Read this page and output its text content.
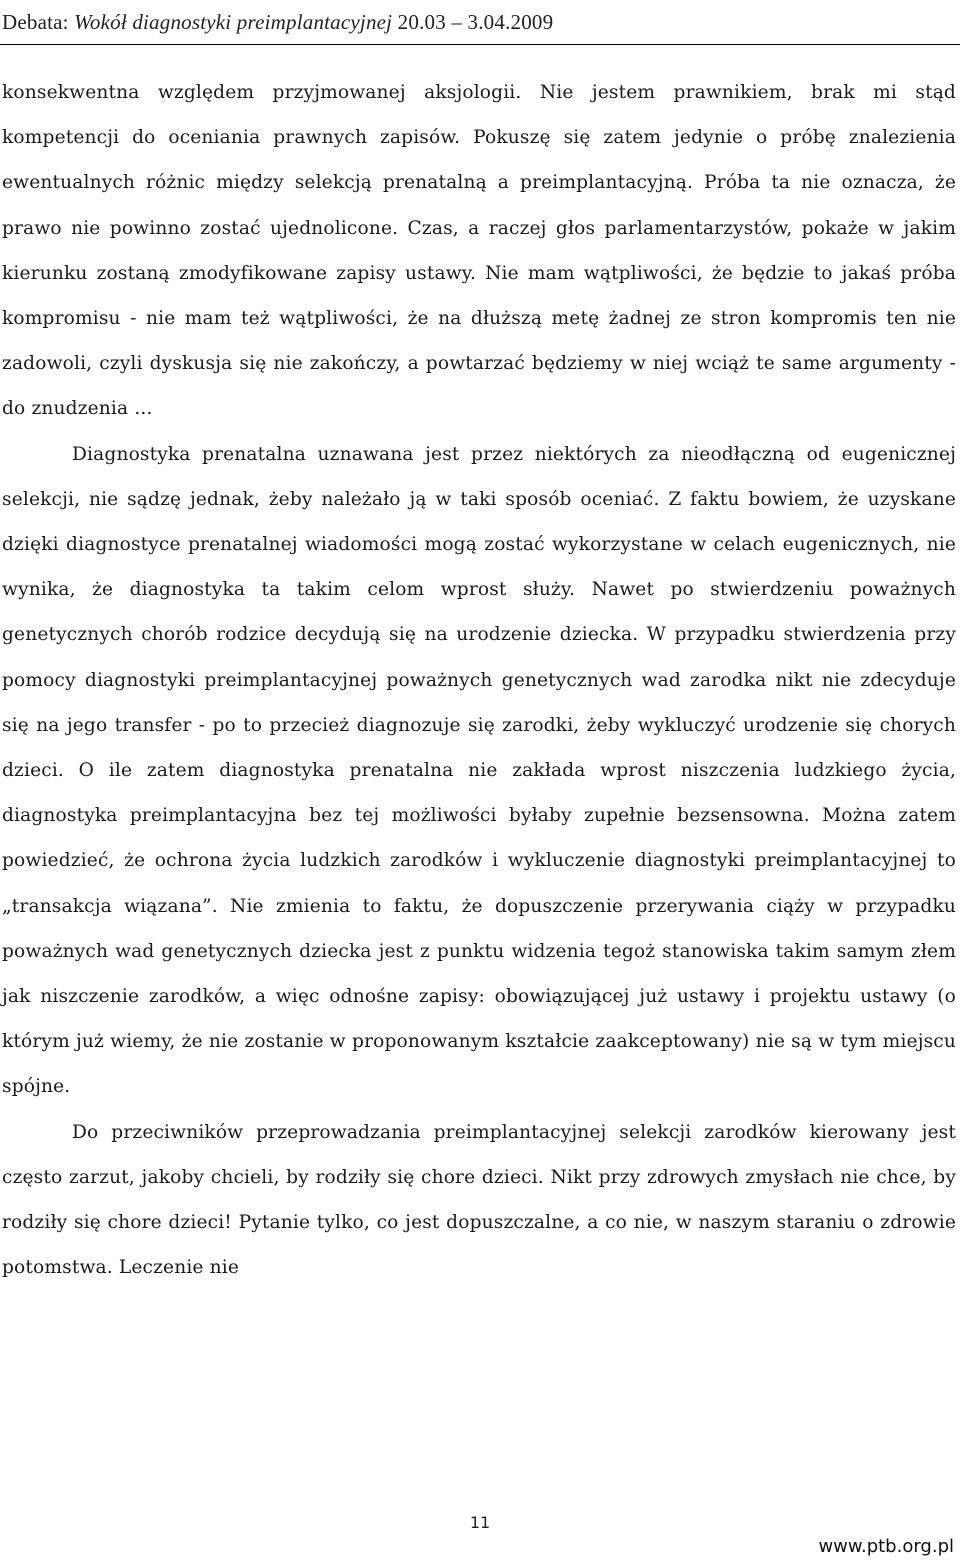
Debata: Wokół diagnostyki preimplantacyjnej 20.03 – 3.04.2009

konsekwentna względem przyjmowanej aksjologii. Nie jestem prawnikiem, brak mi stąd kompetencji do oceniania prawnych zapisów. Pokuszę się zatem jedynie o próbę znalezienia ewentualnych różnic między selekcją prenatalną a preimplantacyjną. Próba ta nie oznacza, że prawo nie powinno zostać ujednolicone. Czas, a raczej głos parlamentarzystów, pokaże w jakim kierunku zostaną zmodyfikowane zapisy ustawy. Nie mam wątpliwości, że będzie to jakaś próba kompromisu - nie mam też wątpliwości, że na dłuższą metę żadnej ze stron kompromis ten nie zadowoli, czyli dyskusja się nie zakończy, a powtarzać będziemy w niej wciąż te same argumenty - do znudzenia ...

Diagnostyka prenatalna uznawana jest przez niektórych za nieodłączną od eugenicznej selekcji, nie sądzę jednak, żeby należało ją w taki sposób oceniać. Z faktu bowiem, że uzyskane dzięki diagnostyce prenatalnej wiadomości mogą zostać wykorzystane w celach eugenicznych, nie wynika, że diagnostyka ta takim celom wprost służy. Nawet po stwierdzeniu poważnych genetycznych chorób rodzice decydują się na urodzenie dziecka. W przypadku stwierdzenia przy pomocy diagnostyki preimplantacyjnej poważnych genetycznych wad zarodka nikt nie zdecyduje się na jego transfer - po to przecież diagnozuje się zarodki, żeby wykluczyć urodzenie się chorych dzieci. O ile zatem diagnostyka prenatalna nie zakłada wprost niszczenia ludzkiego życia, diagnostyka preimplantacyjna bez tej możliwości byłaby zupełnie bezsensowna. Można zatem powiedzieć, że ochrona życia ludzkich zarodków i wykluczenie diagnostyki preimplantacyjnej to „transakcja wiązana”. Nie zmienia to faktu, że dopuszczenie przerywania ciąży w przypadku poważnych wad genetycznych dziecka jest z punktu widzenia tegoż stanowiska takim samym złem jak niszczenie zarodków, a więc odnośne zapisy: obowiązującej już ustawy i projektu ustawy (o którym już wiemy, że nie zostanie w proponowanym kształcie zaakceptowany) nie są w tym miejscu spójne.

Do przeciwników przeprowadzania preimplantacyjnej selekcji zarodków kierowany jest często zarzut, jakoby chcieli, by rodziły się chore dzieci. Nikt przy zdrowych zmysłach nie chce, by rodziły się chore dzieci! Pytanie tylko, co jest dopuszczalne, a co nie, w naszym staraniu o zdrowie potomstwa. Leczenie nie

11
www.ptb.org.pl
